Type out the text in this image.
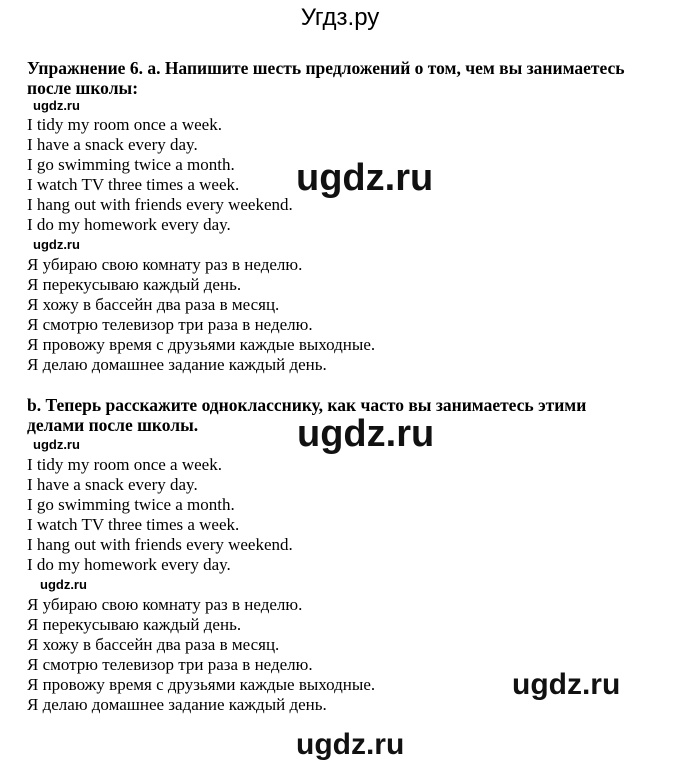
Угдз.ру
Упражнение 6. a. Напишите шесть предложений о том, чем вы занимаетесь
после школы:
ugdz.ru
I tidy my room once a week.
I have a snack every day.
I go swimming twice a month.
I watch TV three times a week.
I hang out with friends every weekend.
I do my homework every day.
ugdz.ru
Я убираю свою комнату раз в неделю.
Я перекусываю каждый день.
Я хожу в бассейн два раза в месяц.
Я смотрю телевизор три раза в неделю.
Я провожу время с друзьями каждые выходные.
Я делаю домашнее задание каждый день.
b. Теперь расскажите однокласснику, как часто вы занимаетесь этими
делами после школы.
ugdz.ru
I tidy my room once a week.
I have a snack every day.
I go swimming twice a month.
I watch TV three times a week.
I hang out with friends every weekend.
I do my homework every day.
ugdz.ru
Я убираю свою комнату раз в неделю.
Я перекусываю каждый день.
Я хожу в бассейн два раза в месяц.
Я смотрю телевизор три раза в неделю.
Я провожу время с друзьями каждые выходные.
Я делаю домашнее задание каждый день.
ugdz.ru
ugdz.ru
ugdz.ru
ugdz.ru
